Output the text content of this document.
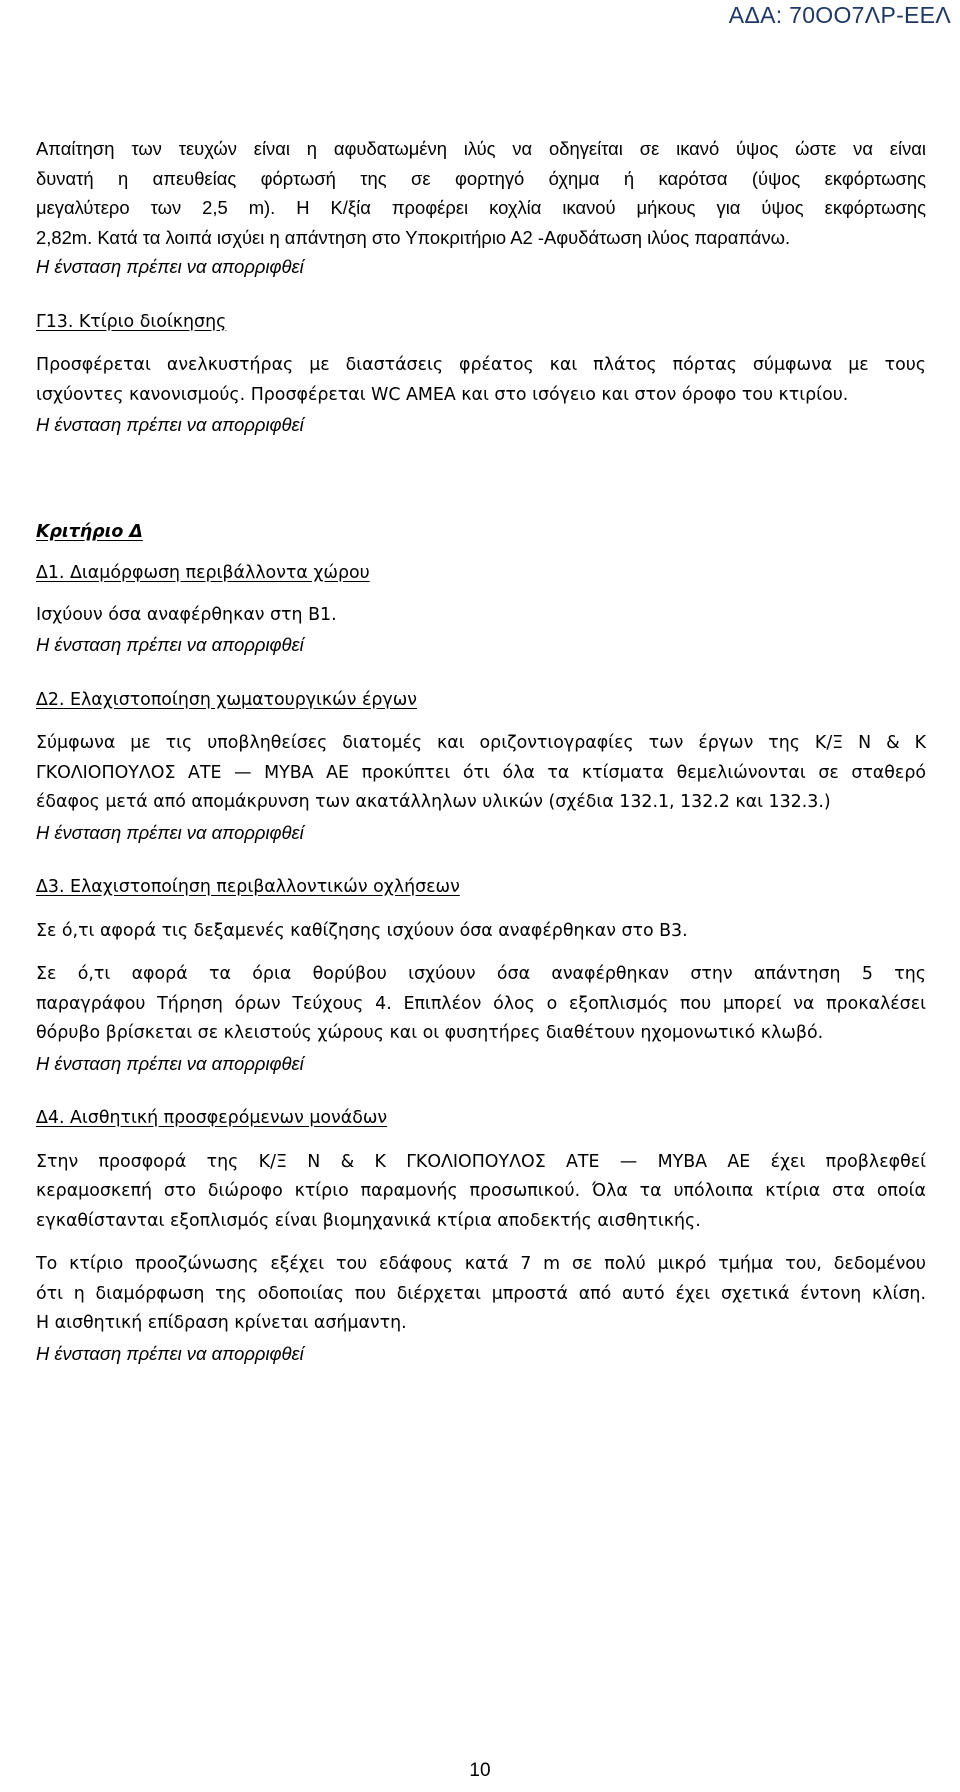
ΑΔΑ: 70ΟΟ7ΛΡ-ΕΕΛ

Απαίτηση των τευχών είναι η αφυδατωμένη ιλύς να οδηγείται σε ικανό ύψος ώστε να είναι

δυνατή η απευθείας φόρτωσή της σε φορτηγό όχημα ή καρότσα (ύψος εκφόρτωσης

μεγαλύτερο των 2,5 m). Η Κ/ξία προφέρει κοχλία ικανού μήκους για ύψος εκφόρτωσης

2,82m. Κατά τα λοιπά ισχύει η απάντηση στο Υποκριτήριο Α2 -Αφυδάτωση ιλύος παραπάνω.

Η ένσταση πρέπει να απορριφθεί

Γ13. Κτίριο διοίκησης

Προσφέρεται ανελκυστήρας με διαστάσεις φρέατος και πλάτος πόρτας σύμφωνα με τους

ισχύοντες κανονισμούς. Προσφέρεται WC ΑΜΕΑ και στο ισόγειο και στον όροφο του κτιρίου.

Η ένσταση πρέπει να απορριφθεί

Κριτήριο Δ

Δ1. Διαμόρφωση περιβάλλοντα χώρου

Ισχύουν όσα αναφέρθηκαν στη Β1.

Η ένσταση πρέπει να απορριφθεί

Δ2. Ελαχιστοποίηση χωματουργικών έργων

Σύμφωνα με τις υποβληθείσες διατομές και οριζοντιογραφίες των έργων της Κ/Ξ Ν & Κ

ΓΚΟΛΙΟΠΟΥΛΟΣ ΑΤΕ — ΜΥΒΑ ΑΕ προκύπτει ότι όλα τα κτίσματα θεμελιώνονται σε σταθερό

έδαφος μετά από απομάκρυνση των ακατάλληλων υλικών (σχέδια 132.1, 132.2 και 132.3.)

Η ένσταση πρέπει να απορριφθεί

Δ3. Ελαχιστοποίηση περιβαλλοντικών οχλήσεων

Σε ό,τι αφορά τις δεξαμενές καθίζησης ισχύουν όσα αναφέρθηκαν στο Β3.

Σε ό,τι αφορά τα όρια θορύβου ισχύουν όσα αναφέρθηκαν στην απάντηση 5 της

παραγράφου Τήρηση όρων Τεύχους 4. Επιπλέον όλος ο εξοπλισμός που μπορεί να προκαλέσει

θόρυβο βρίσκεται σε κλειστούς χώρους και οι φυσητήρες διαθέτουν ηχομονωτικό κλωβό.

Η ένσταση πρέπει να απορριφθεί

Δ4. Αισθητική προσφερόμενων μονάδων

Στην προσφορά της Κ/Ξ Ν & Κ ΓΚΟΛΙΟΠΟΥΛΟΣ ΑΤΕ — ΜΥΒΑ ΑΕ έχει προβλεφθεί

κεραμοσκεπή στο διώροφο κτίριο παραμονής προσωπικού. Όλα τα υπόλοιπα κτίρια στα οποία

εγκαθίστανται εξοπλισμός είναι βιομηχανικά κτίρια αποδεκτής αισθητικής.

Το κτίριο προοζώνωσης εξέχει του εδάφους κατά 7 m σε πολύ μικρό τμήμα του, δεδομένου

ότι η διαμόρφωση της οδοποιίας που διέρχεται μπροστά από αυτό έχει σχετικά έντονη κλίση.

Η αισθητική επίδραση κρίνεται ασήμαντη.

Η ένσταση πρέπει να απορριφθεί

10
